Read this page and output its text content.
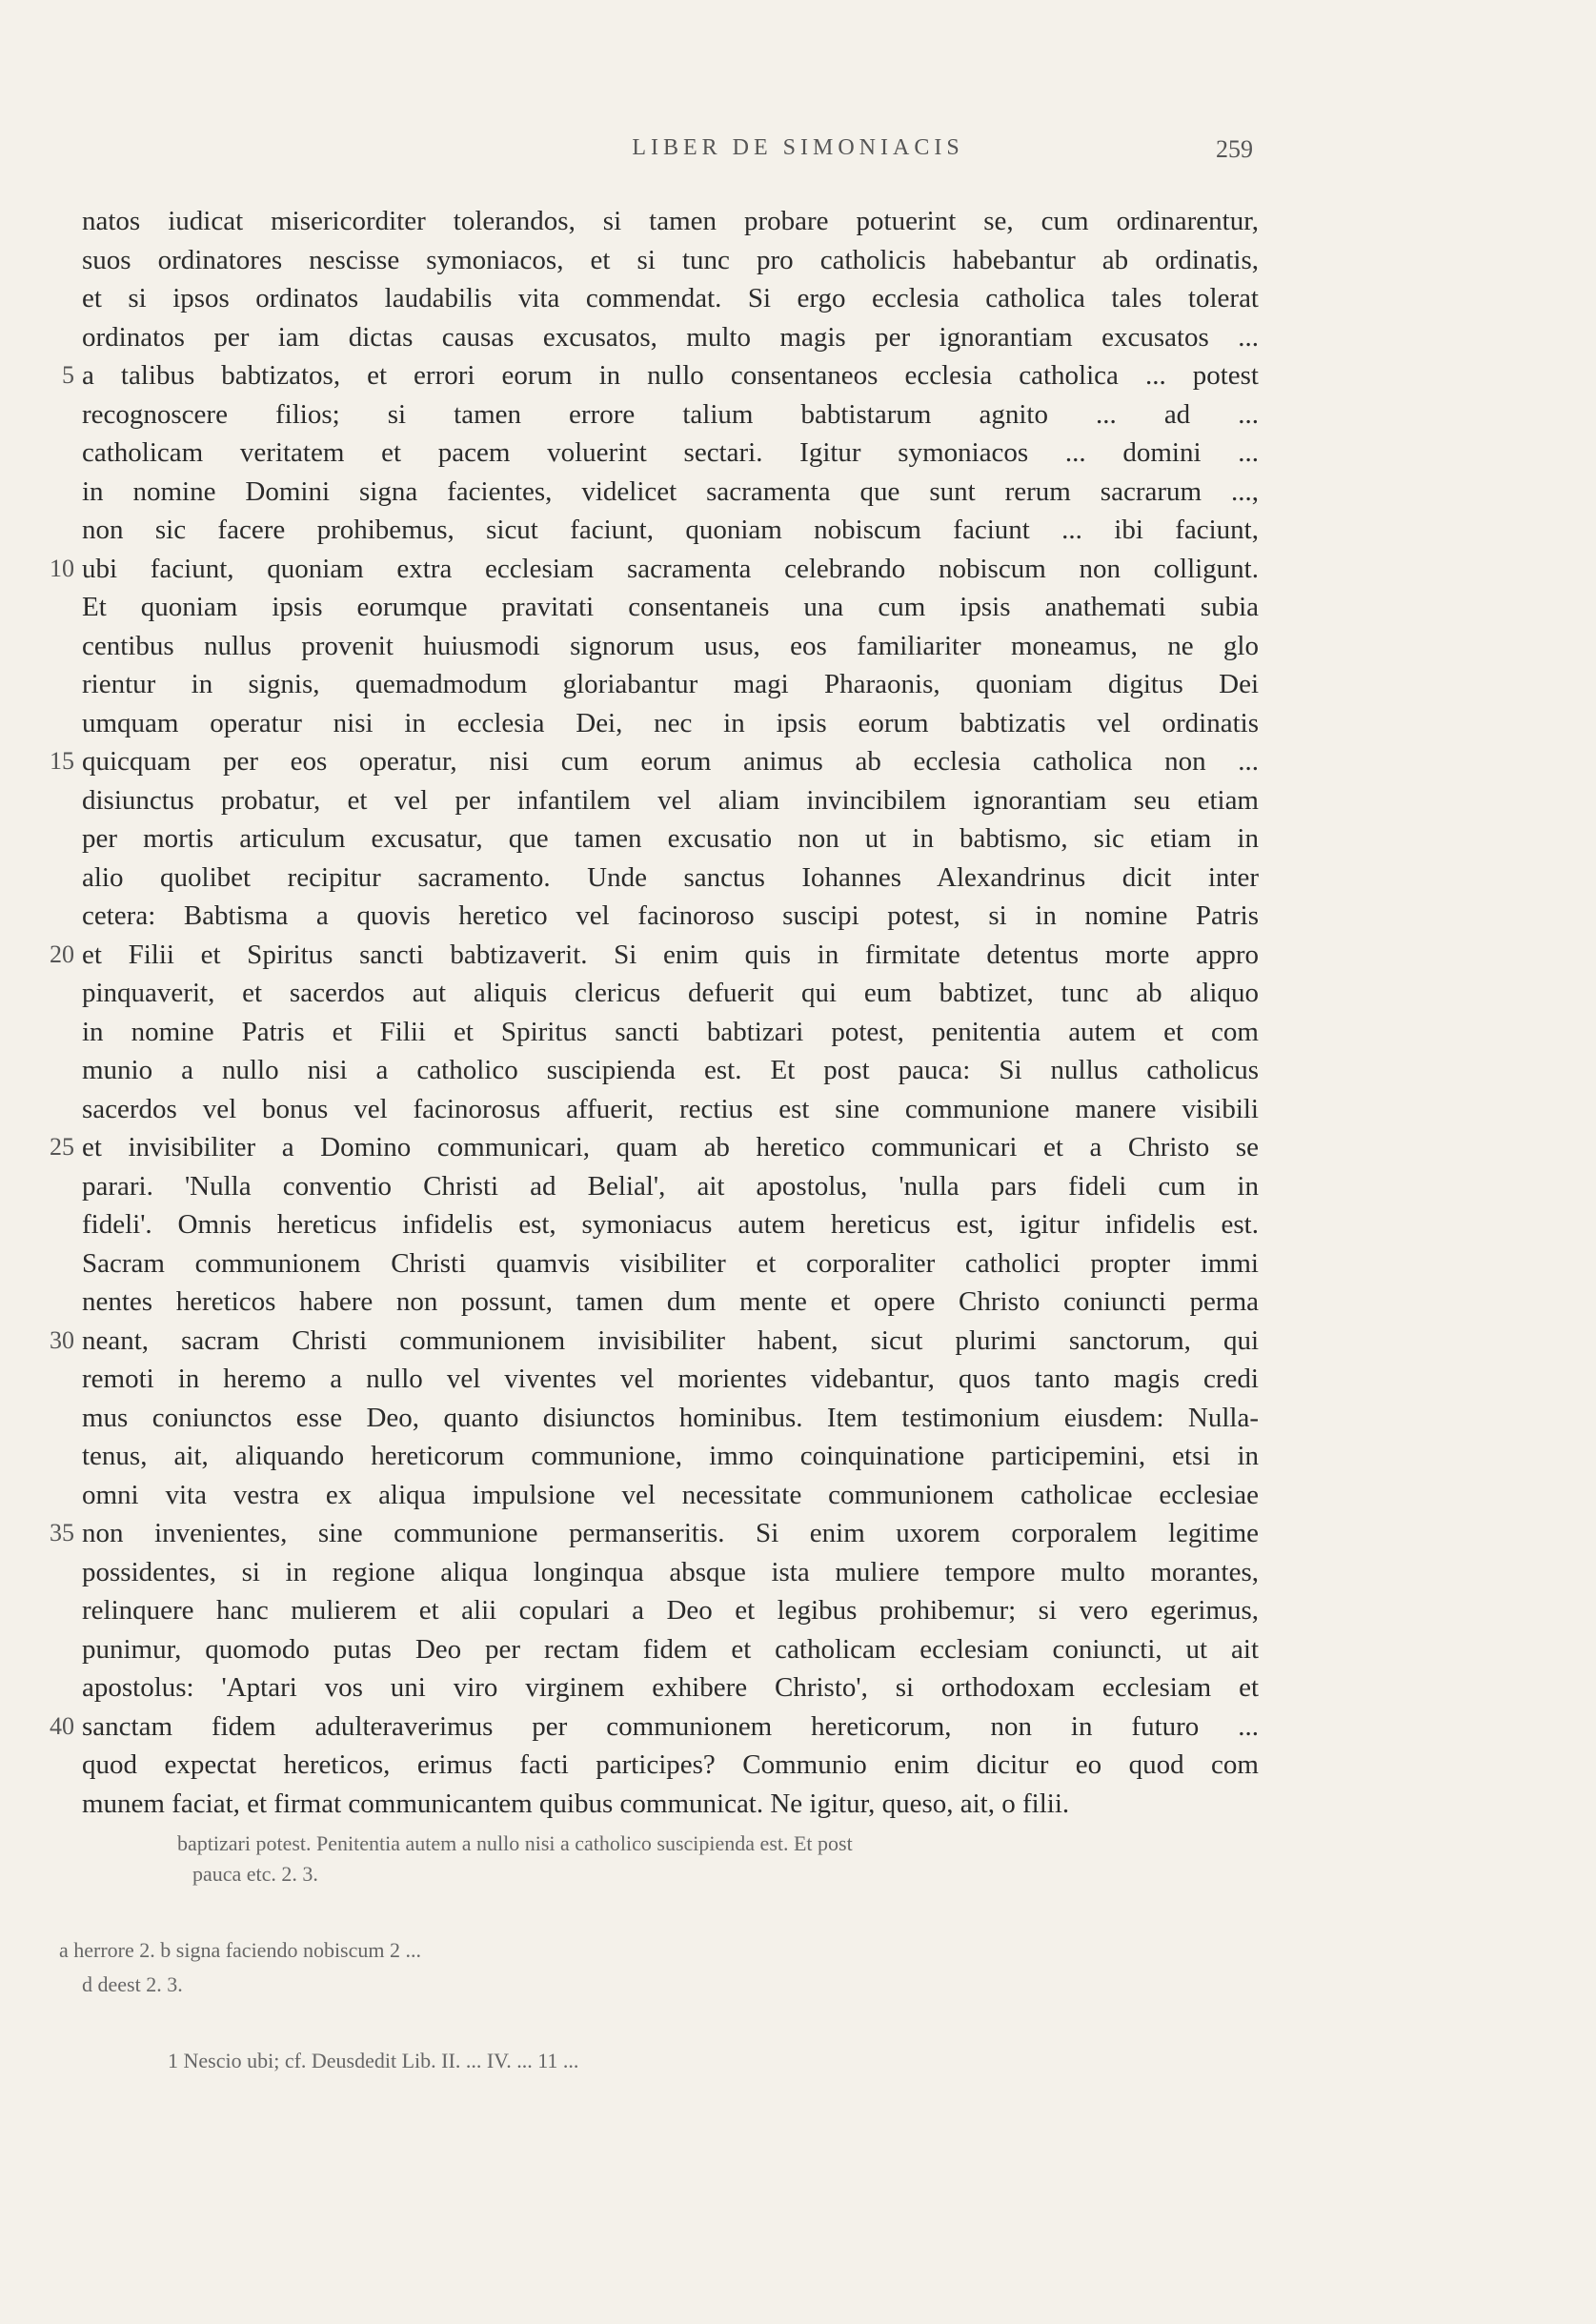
LIBER DE SIMONIACIS	259
natos iudicat misericorditer tolerandos, si tamen probare potuerint se, cum ordinarentur,
suos ordinatores nescisse symoniacos, et si tunc pro catholicis habebantur ab ordinatis,
et si ipsos ordinatos laudabilis vita commendat. Si ergo ecclesia catholica tales tolerat
ordinatos per iam dictas causas excusatos, multo magis per ignorantiam excusatos ...
5 a talibus babtizatos, et errori eorum in nullo consentaneos ecclesia catholica ... potest
recognoscere filios; si tamen errore talium babtistarum agnito ... ad ...
catholicam veritatem et pacem voluerint sectari. Igitur symoniacos ... domini ...
in nomine Domini signa facientes, videlicet sacramenta que sunt rerum sacrarum ...,
non sic facere prohibemus, sicut faciunt, quoniam nobiscum faciunt ... ibi faciunt,
10 ubi faciunt, quoniam extra ecclesiam sacramenta celebrando nobiscum non colligunt.
Et quoniam ipsis eorumque pravitati consentaneis una cum ipsis anathemati subia
centibus nullus provenit huiusmodi signorum usus, eos familiariter moneamus, ne glo
rientur in signis, quemadmodum gloriabantur magi Pharaonis, quoniam digitus Dei
umquam operatur nisi in ecclesia Dei, nec in ipsis eorum babtizatis vel ordinatis
15 quicquam per eos operatur, nisi cum eorum animus ab ecclesia catholica non ...
disiunctus probatur, et vel per infantilem vel aliam invincibilem ignorantiam seu etiam
per mortis articulum excusatur, que tamen excusatio non ut in babtismo, sic etiam in
alio quolibet recipitur sacramento. Unde sanctus Iohannes Alexandrinus dicit inter
cetera: Babtisma a quovis heretico vel facinoroso suscipi potest, si in nomine Patris
20 et Filii et Spiritus sancti babtizaverit. Si enim quis in firmitate detentus morte appro
pinquaverit, et sacerdos aut aliquis clericus defuerit qui eum babtizet, tunc ab aliquo
in nomine Patris et Filii et Spiritus sancti babtizari potest, penitentia autem et com
munio a nullo nisi a catholico suscipienda est. Et post pauca: Si nullus catholicus
sacerdos vel bonus vel facinorosus affuerit, rectius est sine communione manere visibili
25 et invisibiliter a Domino communicari, quam ab heretico communicari et a Christo se
parari. 'Nulla conventio Christi ad Belial', ait apostolus, 'nulla pars fideli cum in
fideli'. Omnis hereticus infidelis est, symoniacus autem hereticus est, igitur infidelis est.
Sacram communionem Christi quamvis visibiliter et corporaliter catholici propter immi
nentes hereticos habere non possunt, tamen dum mente et opere Christo coniuncti perma
30 neant, sacram Christi communionem invisibiliter habent, sicut plurimi sanctorum, qui
remoti in heremo a nullo vel viventes vel morientes videbantur, quos tanto magis credi
mus coniunctos esse Deo, quanto disiunctos hominibus. Item testimonium eiusdem: Nulla-
tenus, ait, aliquando hereticorum communione, immo coinquinatione participemini, etsi in
omni vita vestra ex aliqua impulsione vel necessitate communionem catholicae ecclesiae
35 non invenientes, sine communione permanseritis. Si enim uxorem corporalem legitime
possidentes, si in regione aliqua longinqua absque ista muliere tempore multo morantes,
relinquere hanc mulierem et alii copulari a Deo et legibus prohibemur; si vero egerimus,
punimur, quomodo putas Deo per rectam fidem et catholicam ecclesiam coniuncti, ut ait
apostolus: 'Aptari vos uni viro virginem exhibere Christo', si orthodoxam ecclesiam et
40 sanctam fidem adulteraverimus per communionem hereticorum, non in futuro ...
quod expectat hereticos, erimus facti participes? Communio enim dicitur eo quod com
munem faciat, et firmat communicantem quibus communicat. Ne igitur, queso, ait, o filii.
baptizari potest. Penitentia autem a nullo nisi a catholico suscipienda est. Et post
pauca etc. 2. 3.
a herrore 2. b signa faciendo nobiscum 2 ...
d deest 2. 3.
1 Nescio ubi; cf. Deusdedit Lib. II. ... IV. ... 11 ...
